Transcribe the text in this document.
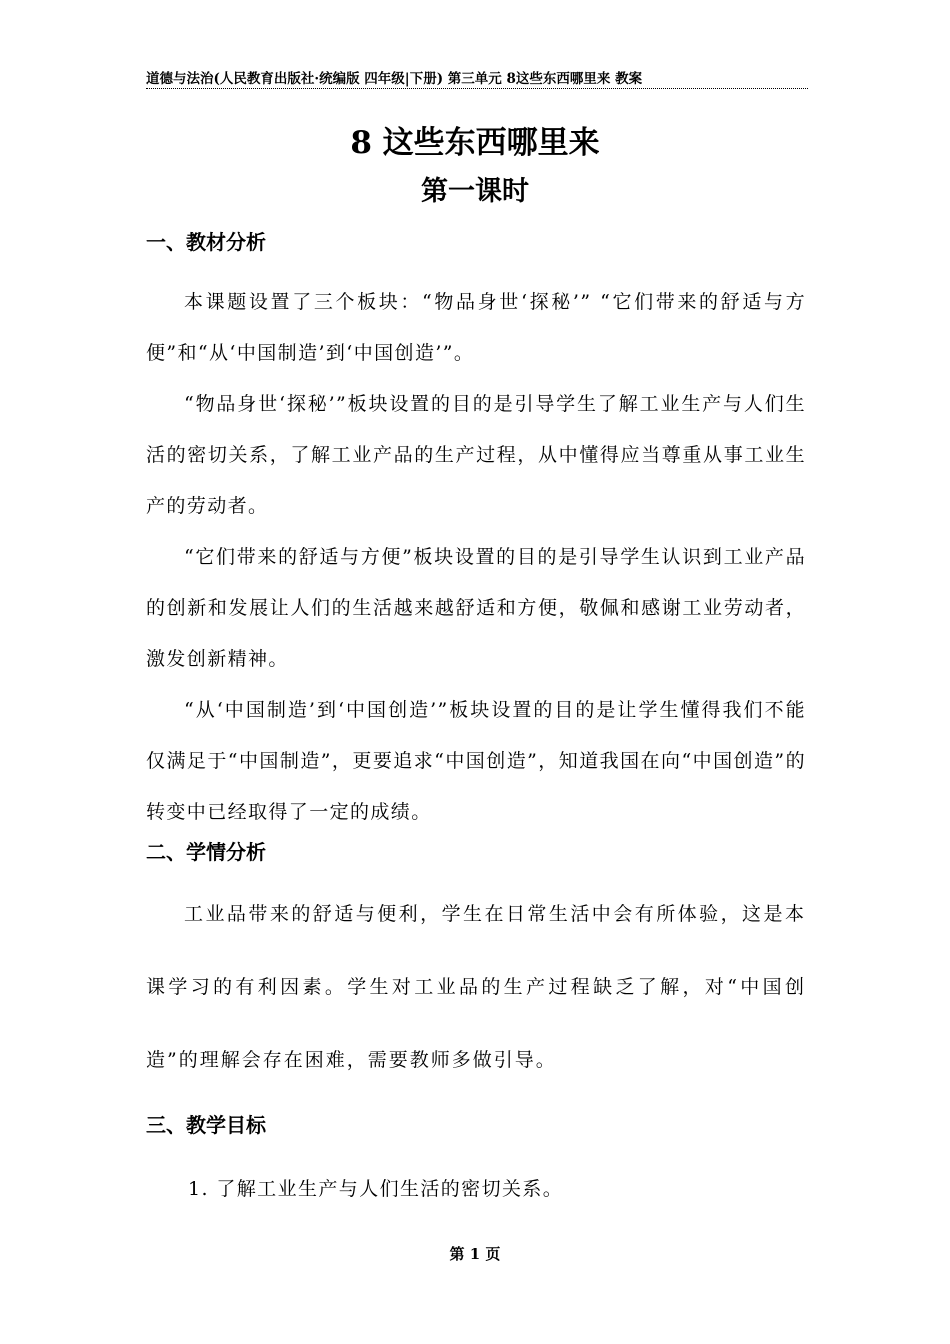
道德与法治(人民教育出版社·统编版 四年级|下册) 第三单元 8这些东西哪里来 教案
8 这些东西哪里来
第一课时
一、教材分析
本课题设置了三个板块：“物品身世‘探秘’” “它们带来的舒适与方便”和“从‘中国制造’到‘中国创造’”。
“物品身世‘探秘’”板块设置的目的是引导学生了解工业生产与人们生活的密切关系，了解工业产品的生产过程，从中懂得应当尊重从事工业生产的劳动者。
“它们带来的舒适与方便”板块设置的目的是引导学生认识到工业产品的创新和发展让人们的生活越来越舒适和方便，敬佩和感谢工业劳动者，激发创新精神。
“从‘中国制造’到‘中国创造’”板块设置的目的是让学生懂得我们不能仅满足于“中国制造”，更要追求“中国创造”，知道我国在向“中国创造”的转变中已经取得了一定的成绩。
二、学情分析
工业品带来的舒适与便利，学生在日常生活中会有所体验，这是本课学习的有利因素。学生对工业品的生产过程缺乏了解，对“中国创造”的理解会存在困难，需要教师多做引导。
三、教学目标
1. 了解工业生产与人们生活的密切关系。
第 1 页
